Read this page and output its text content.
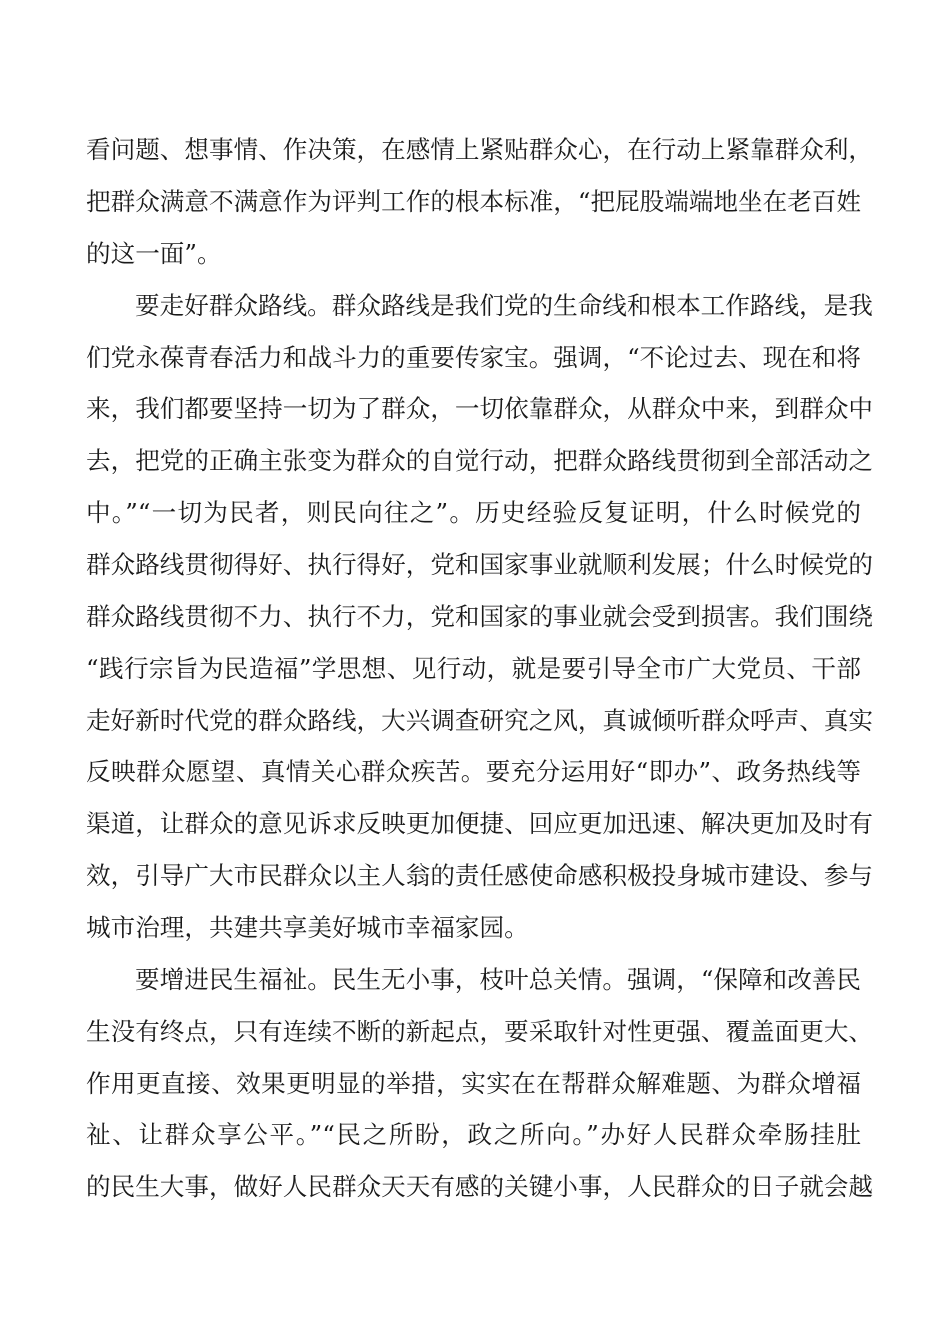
看问题、想事情、作决策，在感情上紧贴群众心，在行动上紧靠群众利，
把群众满意不满意作为评判工作的根本标准，“把屁股端端地坐在老百姓
的这一面”。
要走好群众路线。群众路线是我们党的生命线和根本工作路线，是我
们党永葆青春活力和战斗力的重要传家宝。强调，“不论过去、现在和将
来，我们都要坚持一切为了群众，一切依靠群众，从群众中来，到群众中
去，把党的正确主张变为群众的自觉行动，把群众路线贯彻到全部活动之
中。”“一切为民者，则民向往之”。历史经验反复证明，什么时候党的
群众路线贯彻得好、执行得好，党和国家事业就顺利发展；什么时候党的
群众路线贯彻不力、执行不力，党和国家的事业就会受到损害。我们围绕
“践行宗旨为民造福”学思想、见行动，就是要引导全市广大党员、干部
走好新时代党的群众路线，大兴调查研究之风，真诚倾听群众呼声、真实
反映群众愿望、真情关心群众疾苦。要充分运用好“即办”、政务热线等
渠道，让群众的意见诉求反映更加便捷、回应更加迅速、解决更加及时有
效，引导广大市民群众以主人翁的责任感使命感积极投身城市建设、参与
城市治理，共建共享美好城市幸福家园。
要增进民生福祉。民生无小事，枝叶总关情。强调，“保障和改善民
生没有终点，只有连续不断的新起点，要采取针对性更强、覆盖面更大、
作用更直接、效果更明显的举措，实实在在帮群众解难题、为群众增福
祉、让群众享公平。”“民之所盼，政之所向。”办好人民群众牵肠挂肚
的民生大事，做好人民群众天天有感的关键小事，人民群众的日子就会越
